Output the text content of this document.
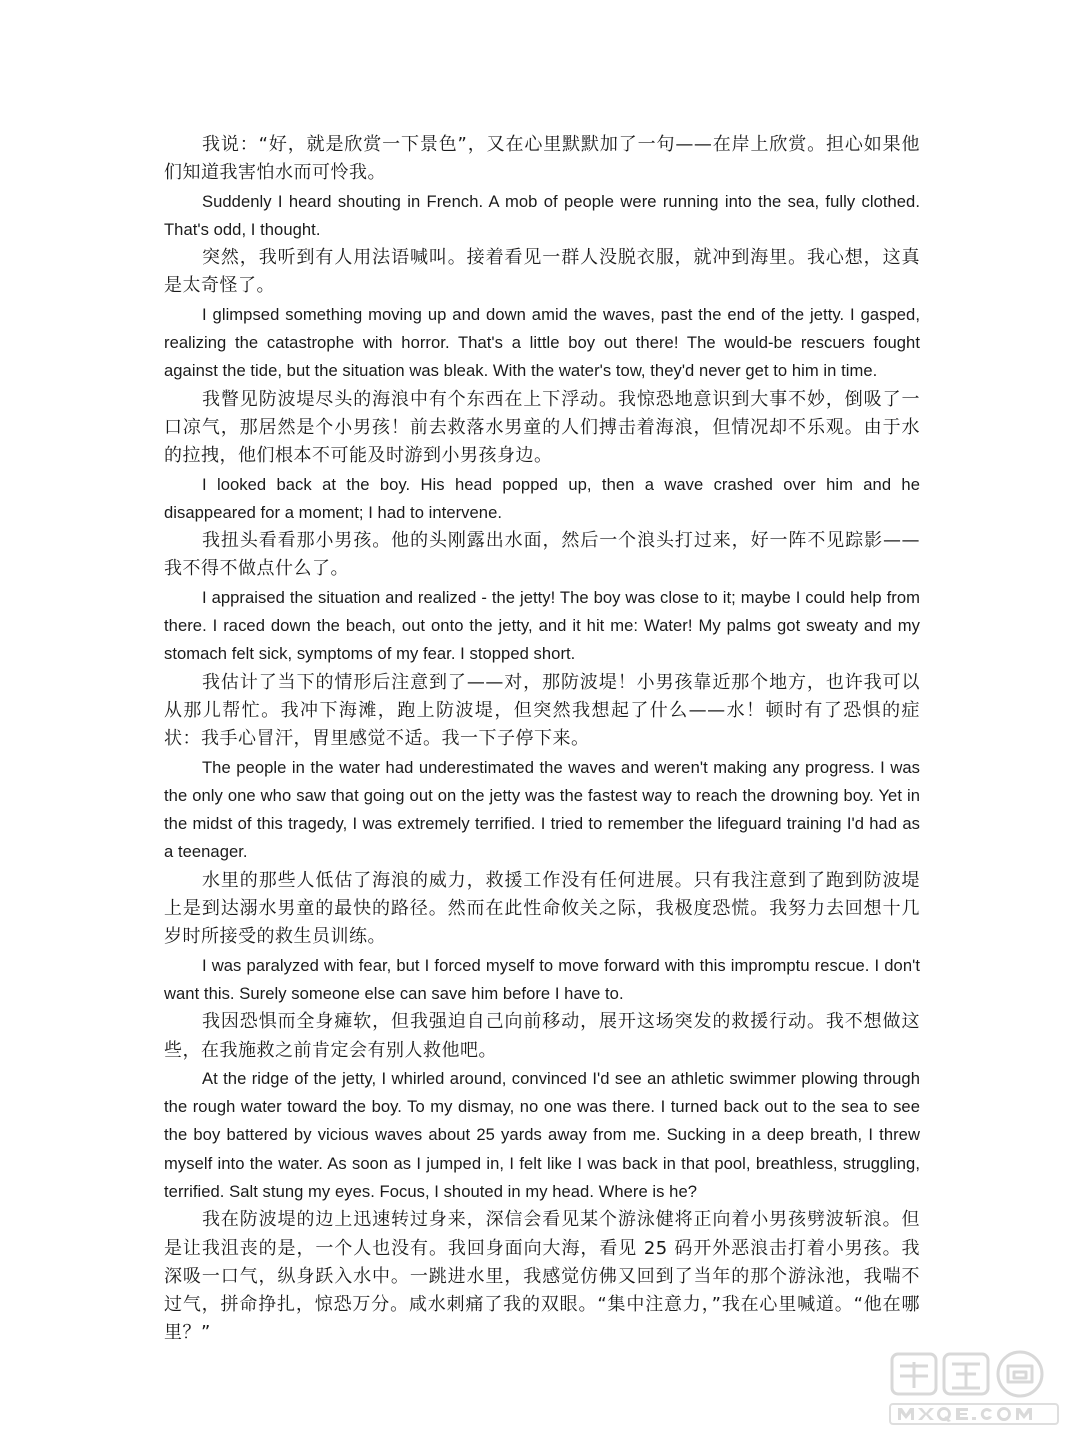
我说：“好，就是欣赏一下景色”，又在心里默默加了一句——在岸上欣赏。担心如果他们知道我害怕水而可怜我。

Suddenly I heard shouting in French. A mob of people were running into the sea, fully clothed. That's odd, I thought.

突然，我听到有人用法语喊叫。接着看见一群人没脱衣服，就冲到海里。我心想，这真是太奇怪了。

I glimpsed something moving up and down amid the waves, past the end of the jetty. I gasped, realizing the catastrophe with horror. That's a little boy out there! The would-be rescuers fought against the tide, but the situation was bleak. With the water's tow, they'd never get to him in time.

我瞥见防波堤尽头的海浪中有个东西在上下浮动。我惊恐地意识到大事不妙，倒吸了一口凉气，那居然是个小男孩！前去救落水男童的人们搏击着海浪，但情况却不乐观。由于水的拉拽，他们根本不可能及时游到小男孩身边。

I looked back at the boy. His head popped up, then a wave crashed over him and he disappeared for a moment; I had to intervene.

我扭头看看那小男孩。他的头刚露出水面，然后一个浪头打过来，好一阵不见踪影——我不得不做点什么了。

I appraised the situation and realized - the jetty! The boy was close to it; maybe I could help from there. I raced down the beach, out onto the jetty, and it hit me: Water! My palms got sweaty and my stomach felt sick, symptoms of my fear. I stopped short.

我估计了当下的情形后注意到了——对，那防波堤！小男孩靠近那个地方，也许我可以从那儿帮忙。我冲下海滩，跑上防波堤，但突然我想起了什么——水！顿时有了恐惧的症状：我手心冒汗，胃里感觉不适。我一下子停下来。

The people in the water had underestimated the waves and weren't making any progress. I was the only one who saw that going out on the jetty was the fastest way to reach the drowning boy. Yet in the midst of this tragedy, I was extremely terrified. I tried to remember the lifeguard training I'd had as a teenager.

水里的那些人低估了海浪的威力，救援工作没有任何进展。只有我注意到了跑到防波堤上是到达溺水男童的最快的路径。然而在此性命攸关之际，我极度恐慌。我努力去回想十几岁时所接受的救生员训练。

I was paralyzed with fear, but I forced myself to move forward with this impromptu rescue. I don't want this. Surely someone else can save him before I have to.

我因恐惧而全身瘫软，但我强迫自己向前移动，展开这场突发的救援行动。我不想做这些，在我施救之前肯定会有别人救他吧。

At the ridge of the jetty, I whirled around, convinced I'd see an athletic swimmer plowing through the rough water toward the boy. To my dismay, no one was there. I turned back out to the sea to see the boy battered by vicious waves about 25 yards away from me. Sucking in a deep breath, I threw myself into the water. As soon as I jumped in, I felt like I was back in that pool, breathless, struggling, terrified. Salt stung my eyes. Focus, I shouted in my head. Where is he?

我在防波堤的边上迅速转过身来，深信会看见某个游泳健将正向着小男孩劈波斩浪。但是让我沮丧的是，一个人也没有。我回身面向大海，看见 25 码开外恶浪击打着小男孩。我深吸一口气，纵身跃入水中。一跳进水里，我感觉仿佛又回到了当年的那个游泳池，我喘不过气，拼命挣扎，惊恐万分。咸水刺痛了我的双眼。“集中注意力，”我在心里喊道。“他在哪里？”
